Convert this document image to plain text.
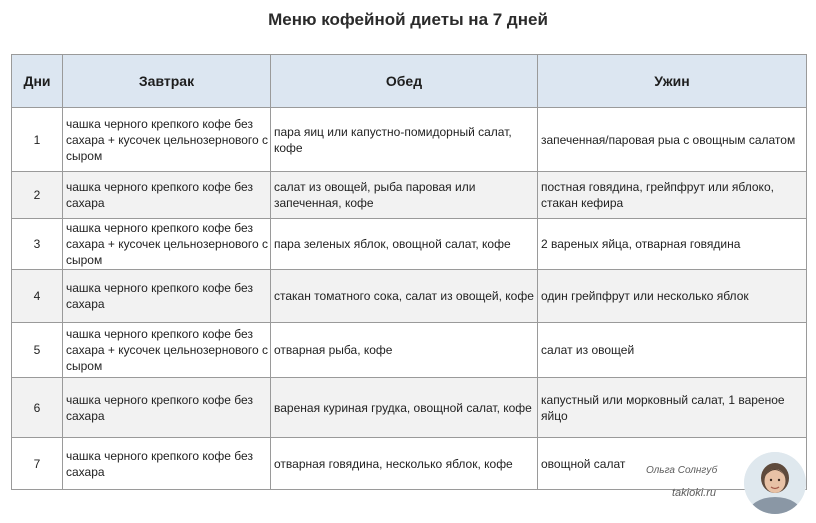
Меню кофейной диеты на 7 дней
Дни	Завтрак	Обед	Ужин
1	чашка черного крепкого кофе без сахара + кусочек цельнозернового с сыром	пара яиц или капустно-помидорный салат, кофе	запеченная/паровая рыа с овощным салатом
2	чашка черного крепкого кофе без сахара	салат из овощей, рыба паровая или запеченная, кофе	постная говядина, грейпфрут или яблоко, стакан кефира
3	чашка черного крепкого кофе без сахара + кусочек цельнозернового с сыром	пара зеленых яблок, овощной салат, кофе	2 вареных яйца, отварная говядина
4	чашка черного крепкого кофе без сахара	стакан томатного сока, салат из овощей, кофе	один грейпфрут или несколько яблок
5	чашка черного крепкого кофе без сахара + кусочек цельнозернового с сыром	отварная рыба, кофе	салат из овощей
6	чашка черного крепкого кофе без сахара	вареная куриная грудка, овощной салат, кофе	капустный или морковный салат, 1 вареное яйцо
7	чашка черного крепкого кофе без сахара	отварная говядина, несколько яблок, кофе	овощной салат Ольга Солнгуб
takioki.ru
